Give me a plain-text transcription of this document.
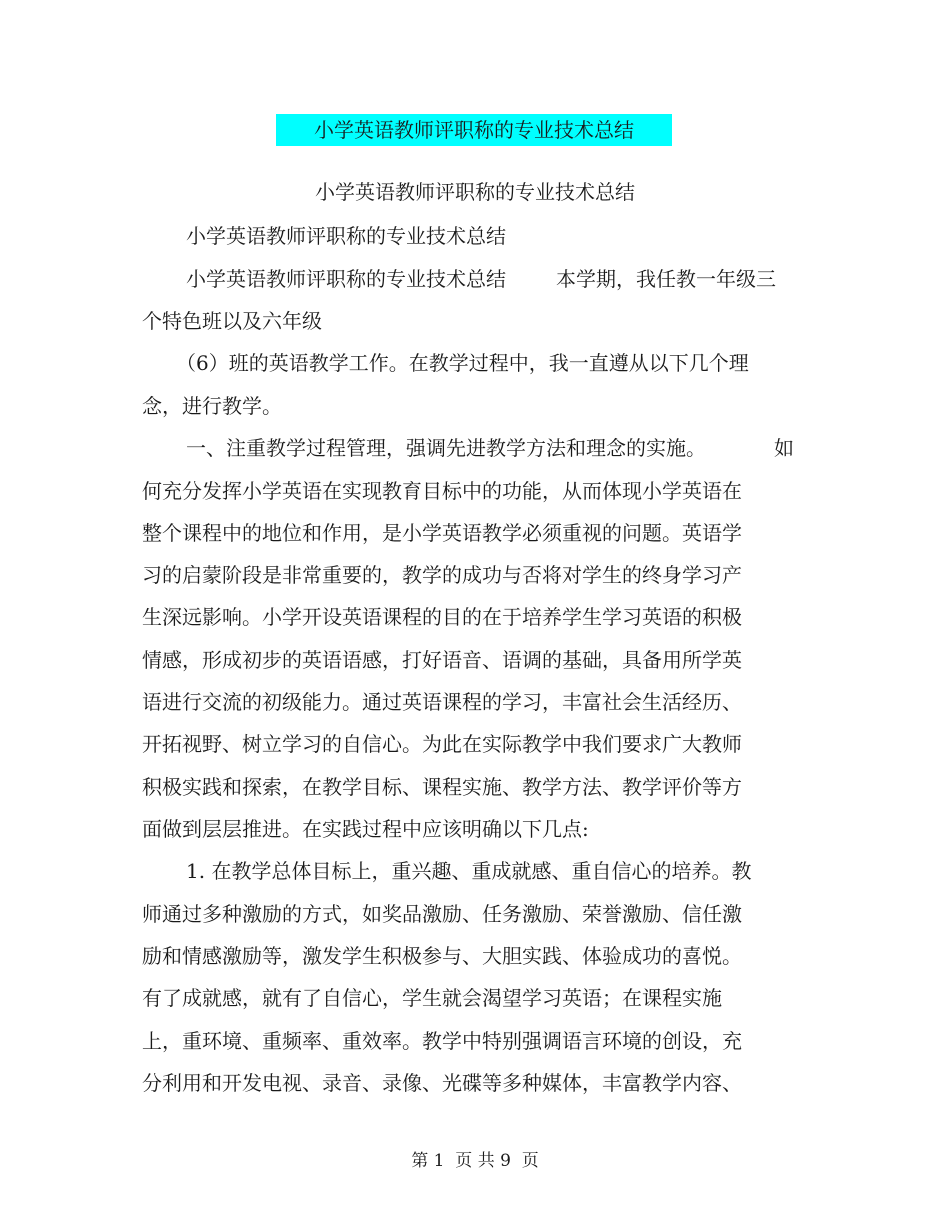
小学英语教师评职称的专业技术总结
小学英语教师评职称的专业技术总结
小学英语教师评职称的专业技术总结
小学英语教师评职称的专业技术总结	本学期，我任教一年级三
个特色班以及六年级
（6）班的英语教学工作。在教学过程中，我一直遵从以下几个理
念，进行教学。
一、注重教学过程管理，强调先进教学方法和理念的实施。	如
何充分发挥小学英语在实现教育目标中的功能，从而体现小学英语在
整个课程中的地位和作用，是小学英语教学必须重视的问题。英语学
习的启蒙阶段是非常重要的，教学的成功与否将对学生的终身学习产
生深远影响。小学开设英语课程的目的在于培养学生学习英语的积极
情感，形成初步的英语语感，打好语音、语调的基础，具备用所学英
语进行交流的初级能力。通过英语课程的学习，丰富社会生活经历、
开拓视野、树立学习的自信心。为此在实际教学中我们要求广大教师
积极实践和探索，在教学目标、课程实施、教学方法、教学评价等方
面做到层层推进。在实践过程中应该明确以下几点:
1. 在教学总体目标上，重兴趣、重成就感、重自信心的培养。教
师通过多种激励的方式，如奖品激励、任务激励、荣誉激励、信任激
励和情感激励等，激发学生积极参与、大胆实践、体验成功的喜悦。
有了成就感，就有了自信心，学生就会渴望学习英语；在课程实施
上，重环境、重频率、重效率。教学中特别强调语言环境的创设，充
分利用和开发电视、录音、录像、光碟等多种媒体，丰富教学内容、
第 1  页 共 9  页
